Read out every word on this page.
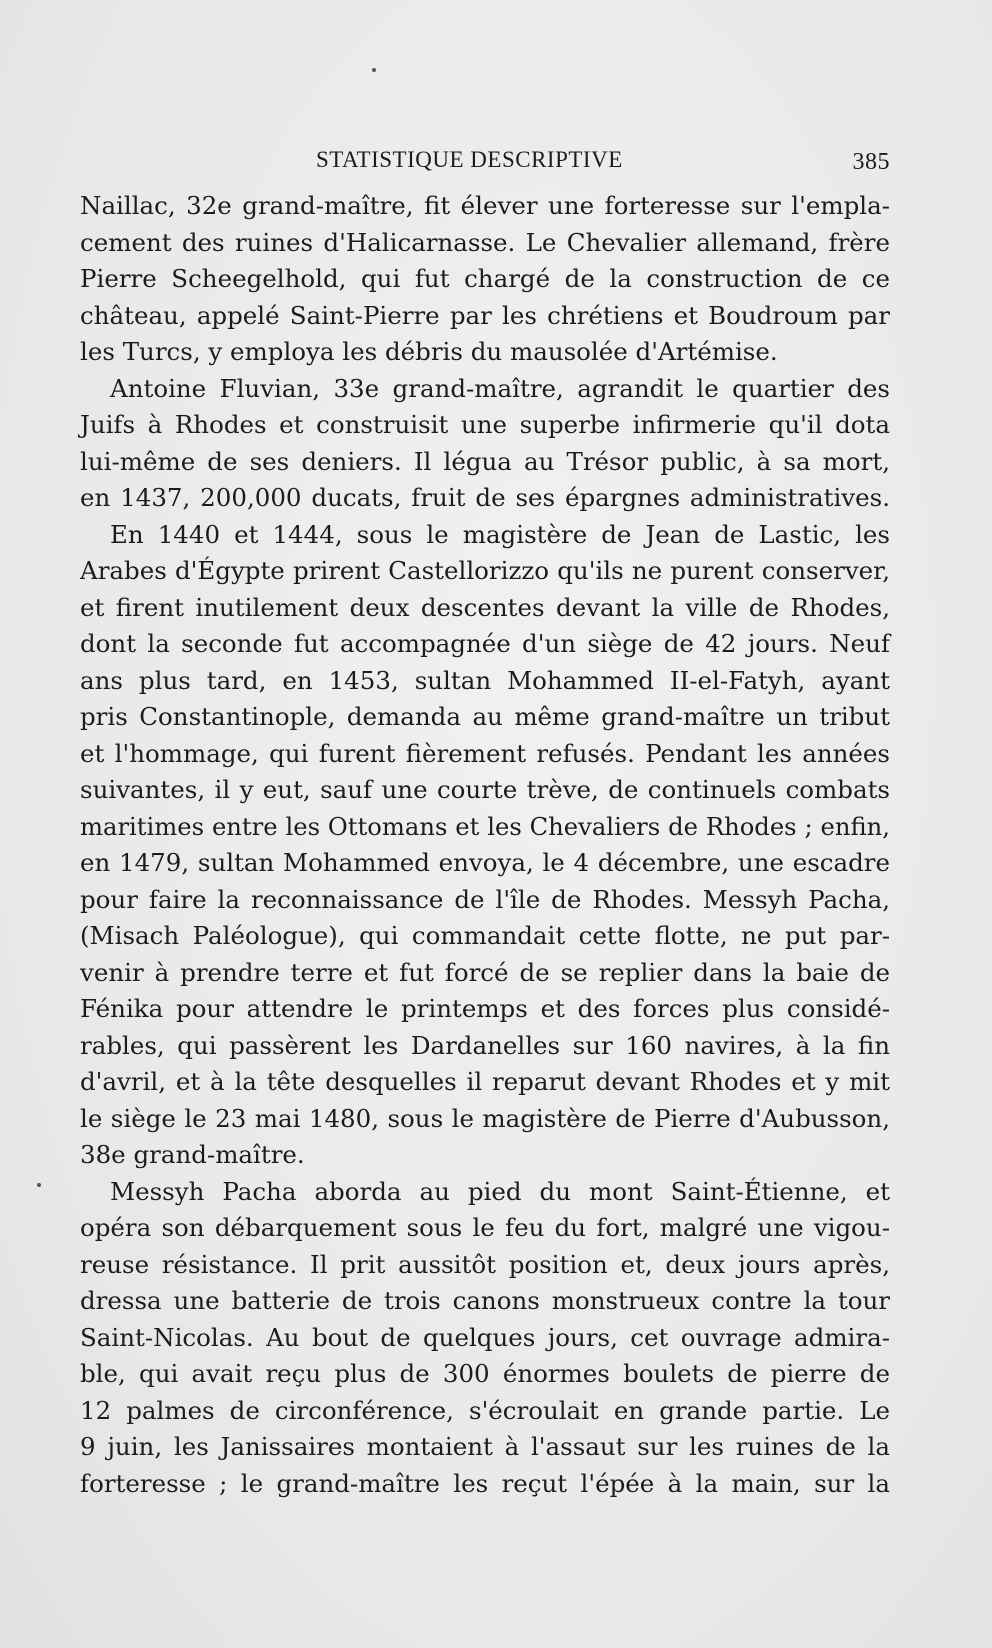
STATISTIQUE DESCRIPTIVE	385
Naillac, 32e grand-maître, fit élever une forteresse sur l'empla-
cement des ruines d'Halicarnasse. Le Chevalier allemand, frère
Pierre Scheegelhold, qui fut chargé de la construction de ce
château, appelé Saint-Pierre par les chrétiens et Boudroum par
les Turcs, y employa les débris du mausolée d'Artémise.
Antoine Fluvian, 33e grand-maître, agrandit le quartier des
Juifs à Rhodes et construisit une superbe infirmerie qu'il dota
lui-même de ses deniers. Il légua au Trésor public, à sa mort,
en 1437, 200,000 ducats, fruit de ses épargnes administratives.
En 1440 et 1444, sous le magistère de Jean de Lastic, les
Arabes d'Égypte prirent Castellorizzo qu'ils ne purent conserver,
et firent inutilement deux descentes devant la ville de Rhodes,
dont la seconde fut accompagnée d'un siège de 42 jours. Neuf
ans plus tard, en 1453, sultan Mohammed II-el-Fatyh, ayant
pris Constantinople, demanda au même grand-maître un tribut
et l'hommage, qui furent fièrement refusés. Pendant les années
suivantes, il y eut, sauf une courte trève, de continuels combats
maritimes entre les Ottomans et les Chevaliers de Rhodes ; enfin,
en 1479, sultan Mohammed envoya, le 4 décembre, une escadre
pour faire la reconnaissance de l'île de Rhodes. Messyh Pacha,
(Misach Paléologue), qui commandait cette flotte, ne put par-
venir à prendre terre et fut forcé de se replier dans la baie de
Fénika pour attendre le printemps et des forces plus considé-
rables, qui passèrent les Dardanelles sur 160 navires, à la fin
d'avril, et à la tête desquelles il reparut devant Rhodes et y mit
le siège le 23 mai 1480, sous le magistère de Pierre d'Aubusson,
38e grand-maître.
Messyh Pacha aborda au pied du mont Saint-Étienne, et
opéra son débarquement sous le feu du fort, malgré une vigou-
reuse résistance. Il prit aussitôt position et, deux jours après,
dressa une batterie de trois canons monstrueux contre la tour
Saint-Nicolas. Au bout de quelques jours, cet ouvrage admira-
ble, qui avait reçu plus de 300 énormes boulets de pierre de
12 palmes de circonférence, s'écroulait en grande partie. Le
9 juin, les Janissaires montaient à l'assaut sur les ruines de la
forteresse ; le grand-maître les reçut l'épée à la main, sur la
